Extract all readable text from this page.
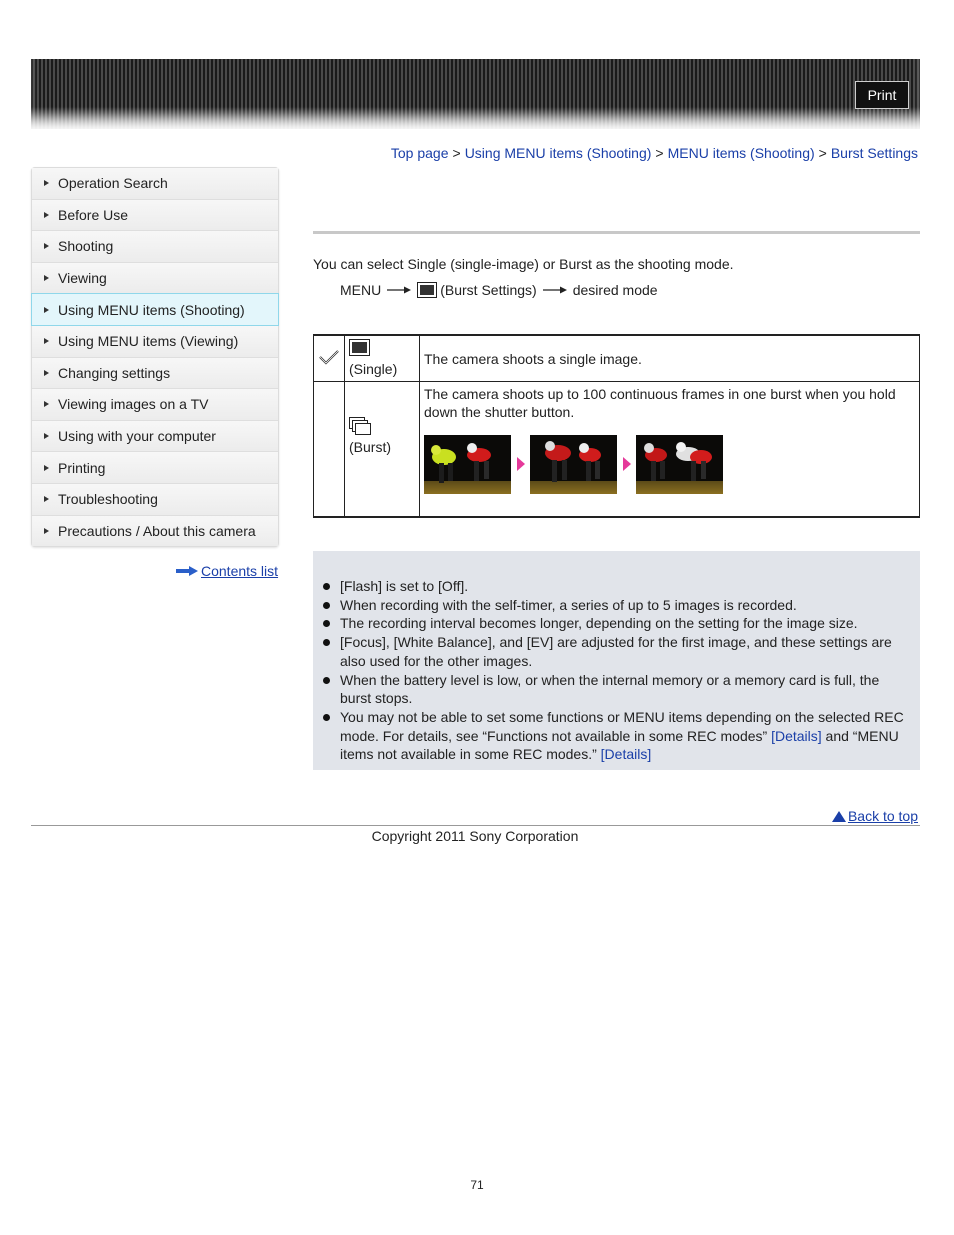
Print
Top page > Using MENU items (Shooting) > MENU items (Shooting) > Burst Settings
Operation Search
Before Use
Shooting
Viewing
Using MENU items (Shooting)
Using MENU items (Viewing)
Changing settings
Viewing images on a TV
Using with your computer
Printing
Troubleshooting
Precautions / About this camera
Contents list
You can select Single (single-image) or Burst as the shooting mode.
MENU	(Burst Settings)	desired mode

(Single)	The camera shoots a single image.

	(Burst)	The camera shoots up to 100 continuous frames in one burst when you hold down the shutter button.
[Flash] is set to [Off].
When recording with the self-timer, a series of up to 5 images is recorded.
The recording interval becomes longer, depending on the setting for the image size.
[Focus], [White Balance], and [EV] are adjusted for the first image, and these settings are also used for the other images.
When the battery level is low, or when the internal memory or a memory card is full, the burst stops.
You may not be able to set some functions or MENU items depending on the selected REC mode. For details, see “Functions not available in some REC modes” [Details] and “MENU items not available in some REC modes.” [Details]
Back to top
Copyright 2011 Sony Corporation
71
